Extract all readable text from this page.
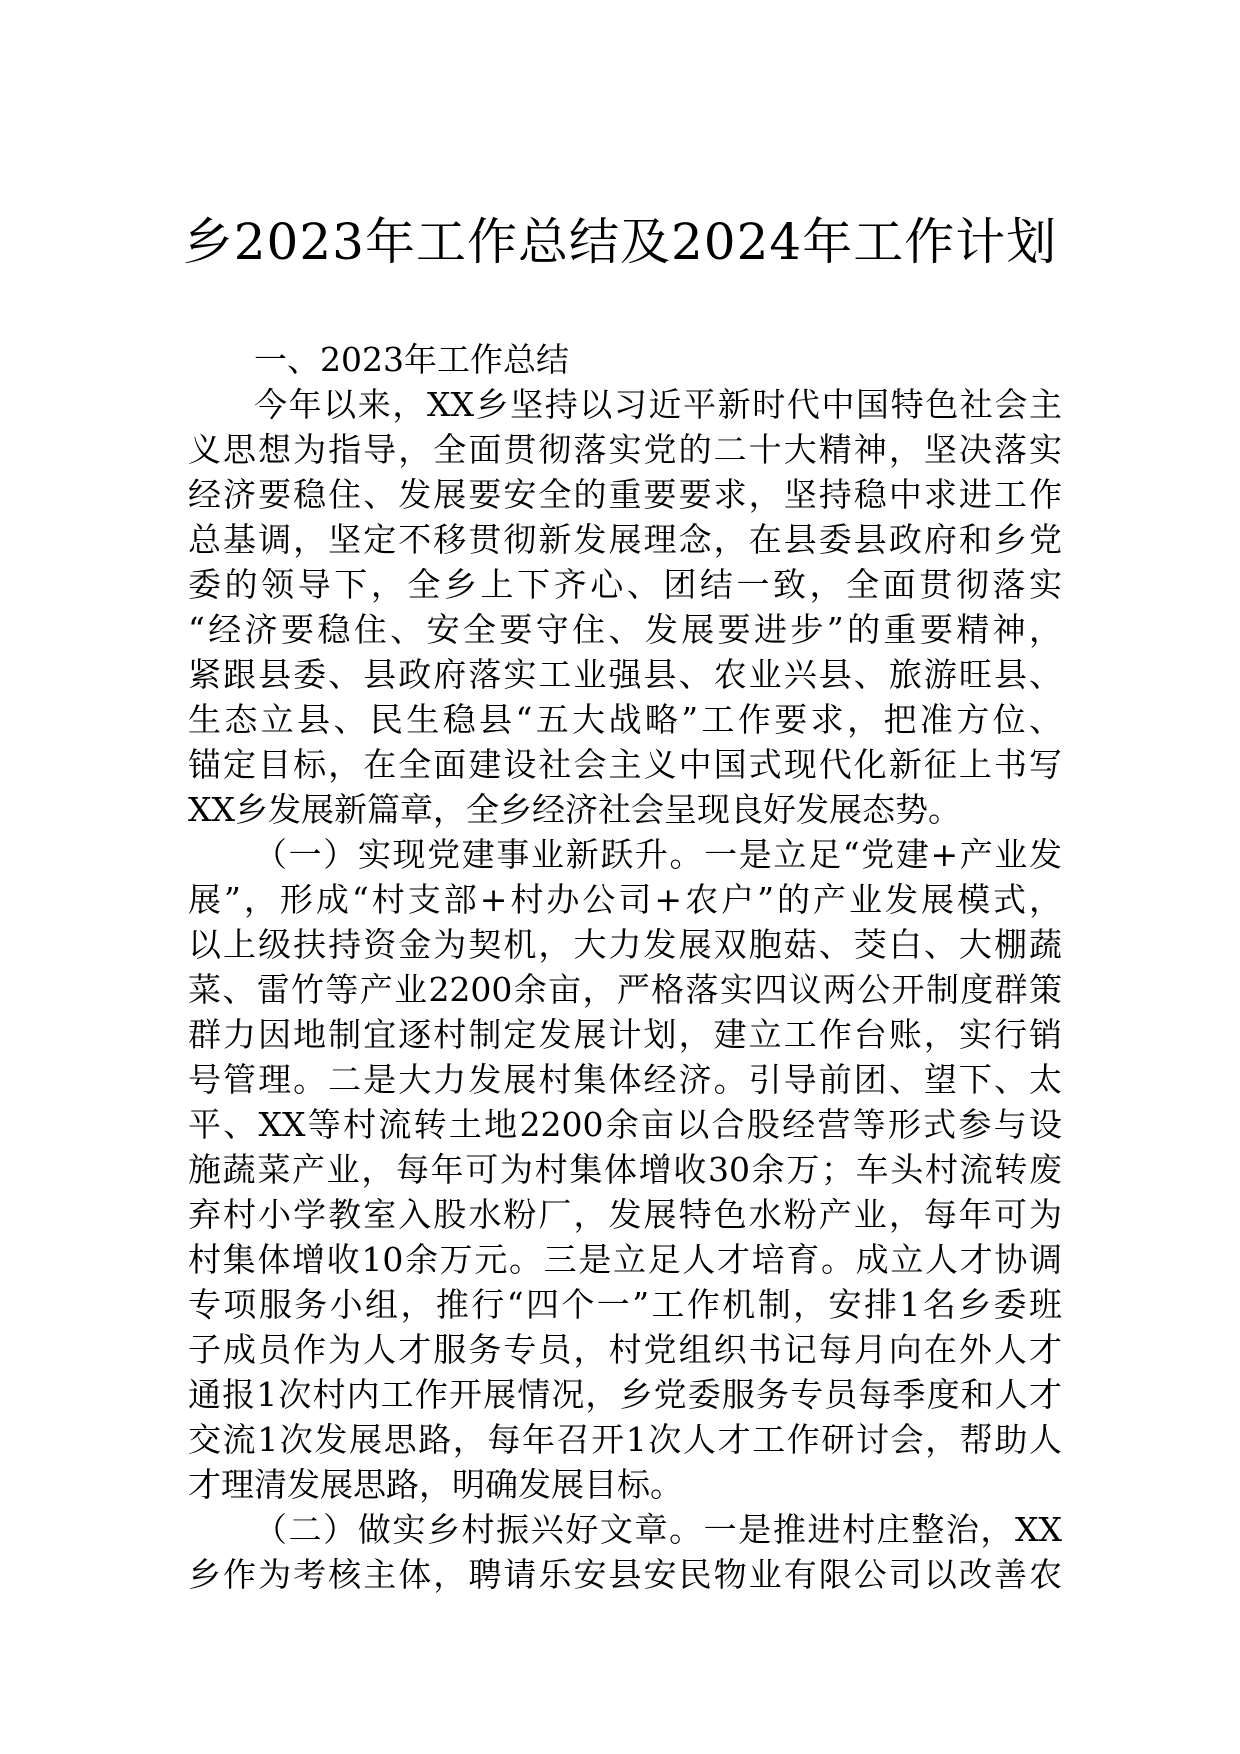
乡2023年工作总结及2024年工作计划
一、2023年工作总结
今年以来，XX乡坚持以习近平新时代中国特色社会主
义思想为指导，全面贯彻落实党的二十大精神，坚决落实
经济要稳住、发展要安全的重要要求，坚持稳中求进工作
总基调，坚定不移贯彻新发展理念，在县委县政府和乡党
委的领导下，全乡上下齐心、团结一致，全面贯彻落实
“经济要稳住、安全要守住、发展要进步”的重要精神，
紧跟县委、县政府落实工业强县、农业兴县、旅游旺县、
生态立县、民生稳县“五大战略”工作要求，把准方位、
锚定目标，在全面建设社会主义中国式现代化新征上书写
XX乡发展新篇章，全乡经济社会呈现良好发展态势。
（一）实现党建事业新跃升。一是立足“党建+产业发
展”，形成“村支部+村办公司+农户”的产业发展模式，
以上级扶持资金为契机，大力发展双胞菇、茭白、大棚蔬
菜、雷竹等产业2200余亩，严格落实四议两公开制度群策
群力因地制宜逐村制定发展计划，建立工作台账，实行销
号管理。二是大力发展村集体经济。引导前团、望下、太
平、XX等村流转土地2200余亩以合股经营等形式参与设
施蔬菜产业，每年可为村集体增收30余万；车头村流转废
弃村小学教室入股水粉厂，发展特色水粉产业，每年可为
村集体增收10余万元。三是立足人才培育。成立人才协调
专项服务小组，推行“四个一”工作机制，安排1名乡委班
子成员作为人才服务专员，村党组织书记每月向在外人才
通报1次村内工作开展情况，乡党委服务专员每季度和人才
交流1次发展思路，每年召开1次人才工作研讨会，帮助人
才理清发展思路，明确发展目标。
（二）做实乡村振兴好文章。一是推进村庄整治，XX
乡作为考核主体，聘请乐安县安民物业有限公司以改善农
